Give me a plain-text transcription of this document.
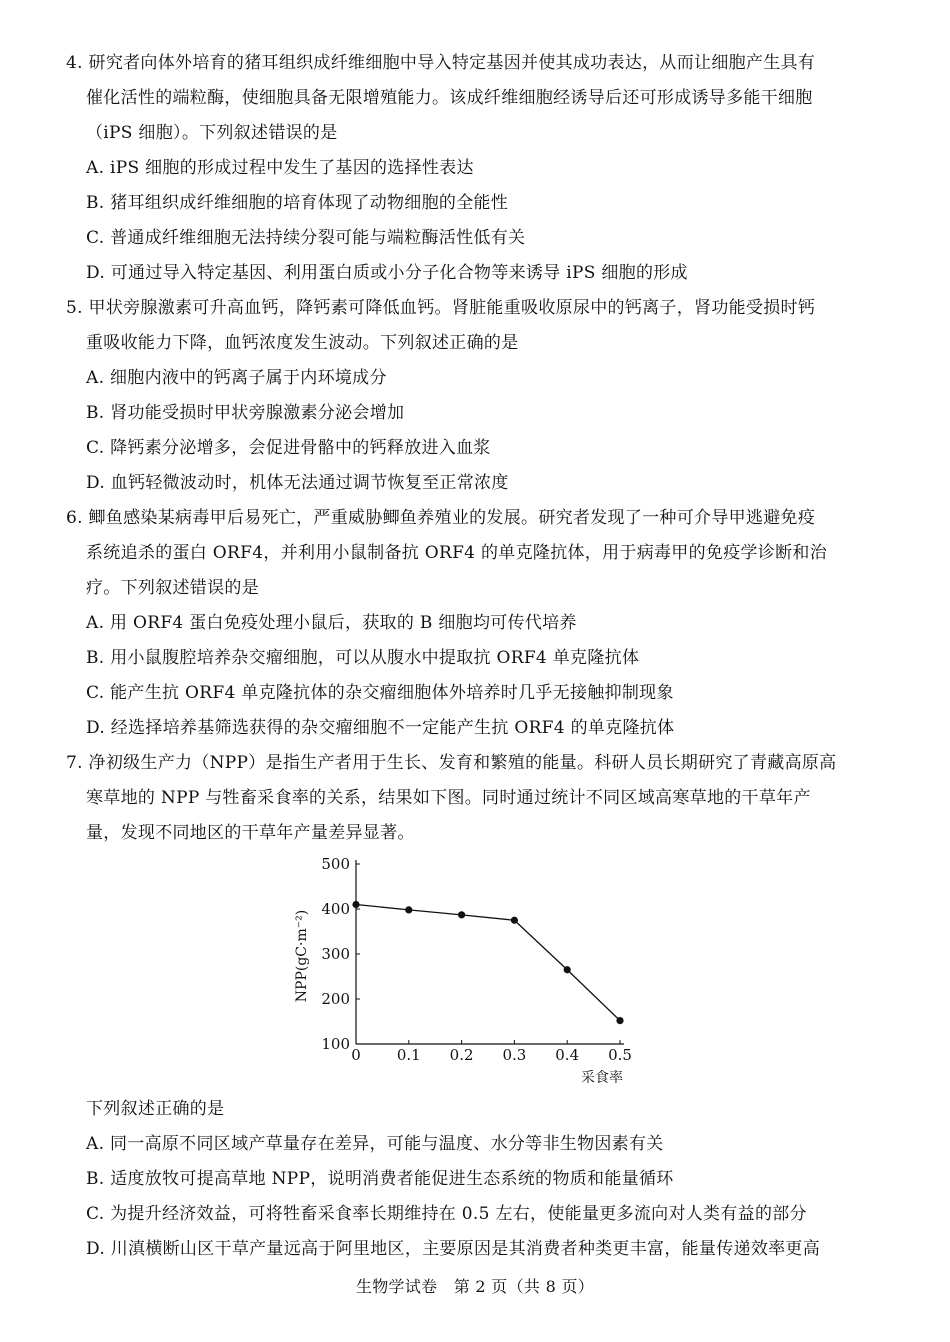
4. 研究者向体外培育的猪耳组织成纤维细胞中导入特定基因并使其成功表达，从而让细胞产生具有
催化活性的端粒酶，使细胞具备无限增殖能力。该成纤维细胞经诱导后还可形成诱导多能干细胞
（iPS 细胞）。下列叙述错误的是
A. iPS 细胞的形成过程中发生了基因的选择性表达
B. 猪耳组织成纤维细胞的培育体现了动物细胞的全能性
C. 普通成纤维细胞无法持续分裂可能与端粒酶活性低有关
D. 可通过导入特定基因、利用蛋白质或小分子化合物等来诱导 iPS 细胞的形成
5. 甲状旁腺激素可升高血钙，降钙素可降低血钙。肾脏能重吸收原尿中的钙离子，肾功能受损时钙
重吸收能力下降，血钙浓度发生波动。下列叙述正确的是
A. 细胞内液中的钙离子属于内环境成分
B. 肾功能受损时甲状旁腺激素分泌会增加
C. 降钙素分泌增多，会促进骨骼中的钙释放进入血浆
D. 血钙轻微波动时，机体无法通过调节恢复至正常浓度
6. 鲫鱼感染某病毒甲后易死亡，严重威胁鲫鱼养殖业的发展。研究者发现了一种可介导甲逃避免疫
系统追杀的蛋白 ORF4，并利用小鼠制备抗 ORF4 的单克隆抗体，用于病毒甲的免疫学诊断和治
疗。下列叙述错误的是
A. 用 ORF4 蛋白免疫处理小鼠后，获取的 B 细胞均可传代培养
B. 用小鼠腹腔培养杂交瘤细胞，可以从腹水中提取抗 ORF4 单克隆抗体
C. 能产生抗 ORF4 单克隆抗体的杂交瘤细胞体外培养时几乎无接触抑制现象
D. 经选择培养基筛选获得的杂交瘤细胞不一定能产生抗 ORF4 的单克隆抗体
7. 净初级生产力（NPP）是指生产者用于生长、发育和繁殖的能量。科研人员长期研究了青藏高原高
寒草地的 NPP 与牲畜采食率的关系，结果如下图。同时通过统计不同区域高寒草地的干草年产
量，发现不同地区的干草年产量差异显著。
100
200
300
400
500
0 0.1 0.2 0.3 0.4 0.5
NPP(gC·m⁻²)
采食率
下列叙述正确的是
A. 同一高原不同区域产草量存在差异，可能与温度、水分等非生物因素有关
B. 适度放牧可提高草地 NPP，说明消费者能促进生态系统的物质和能量循环
C. 为提升经济效益，可将牲畜采食率长期维持在 0.5 左右，使能量更多流向对人类有益的部分
D. 川滇横断山区干草产量远高于阿里地区，主要原因是其消费者种类更丰富，能量传递效率更高
生物学试卷　第 2 页（共 8 页）
